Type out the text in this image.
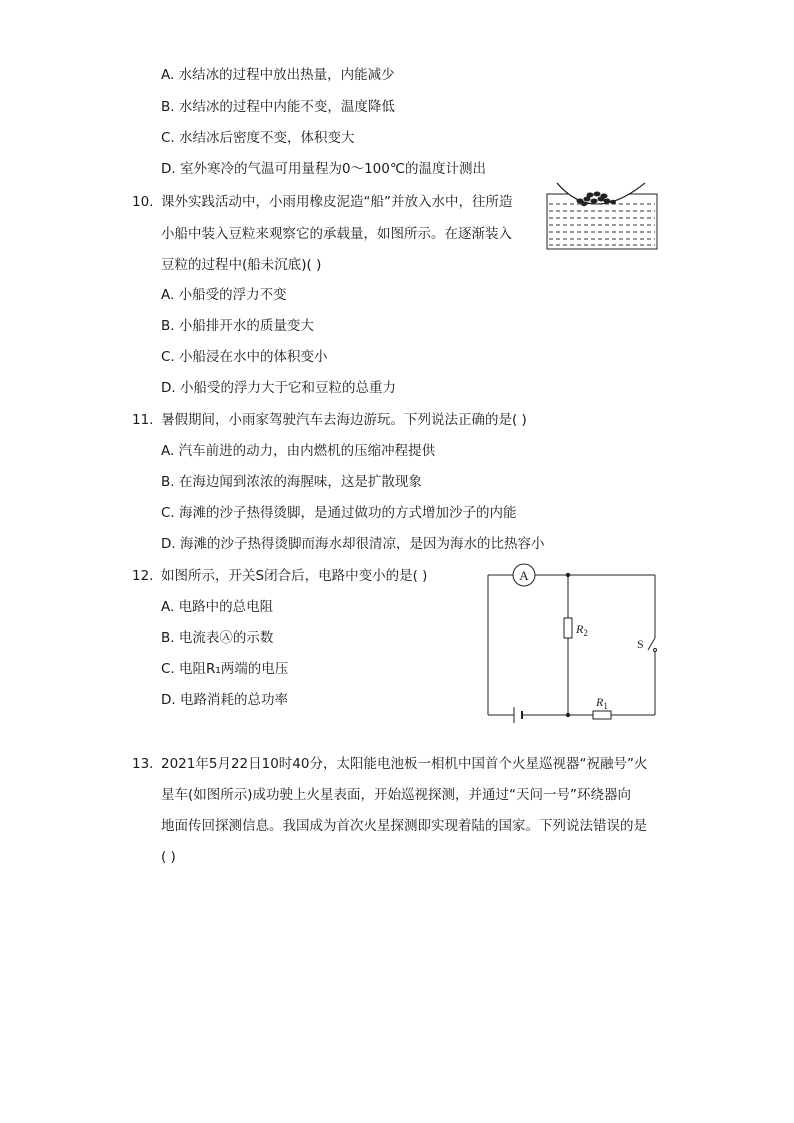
A. 水结冰的过程中放出热量，内能减少
B. 水结冰的过程中内能不变，温度降低
C. 水结冰后密度不变，体积变大
D. 室外寒冷的气温可用量程为0～100℃的温度计测出
10. 课外实践活动中，小雨用橡皮泥造“船”并放入水中，往所造
小船中装入豆粒来观察它的承载量，如图所示。在逐渐装入
豆粒的过程中(船未沉底)( )
A. 小船受的浮力不变
B. 小船排开水的质量变大
C. 小船浸在水中的体积变小
D. 小船受的浮力大于它和豆粒的总重力
11. 暑假期间，小雨家驾驶汽车去海边游玩。下列说法正确的是( )
A. 汽车前进的动力，由内燃机的压缩冲程提供
B. 在海边闻到浓浓的海腥味，这是扩散现象
C. 海滩的沙子热得烫脚，是通过做功的方式增加沙子的内能
D. 海滩的沙子热得烫脚而海水却很清凉，是因为海水的比热容小
12. 如图所示，开关S闭合后，电路中变小的是( )
A. 电路中的总电阻
B. 电流表Ⓐ的示数
C. 电阻R₁两端的电压
D. 电路消耗的总功率
A
$R_2$
S
$R_1$
13. 2021年5月22日10时40分，太阳能电池板一相机中国首个火星巡视器“祝融号”火
星车(如图所示)成功驶上火星表面，开始巡视探测，并通过“天问一号”环绕器向
地面传回探测信息。我国成为首次火星探测即实现着陆的国家。下列说法错误的是
( )
